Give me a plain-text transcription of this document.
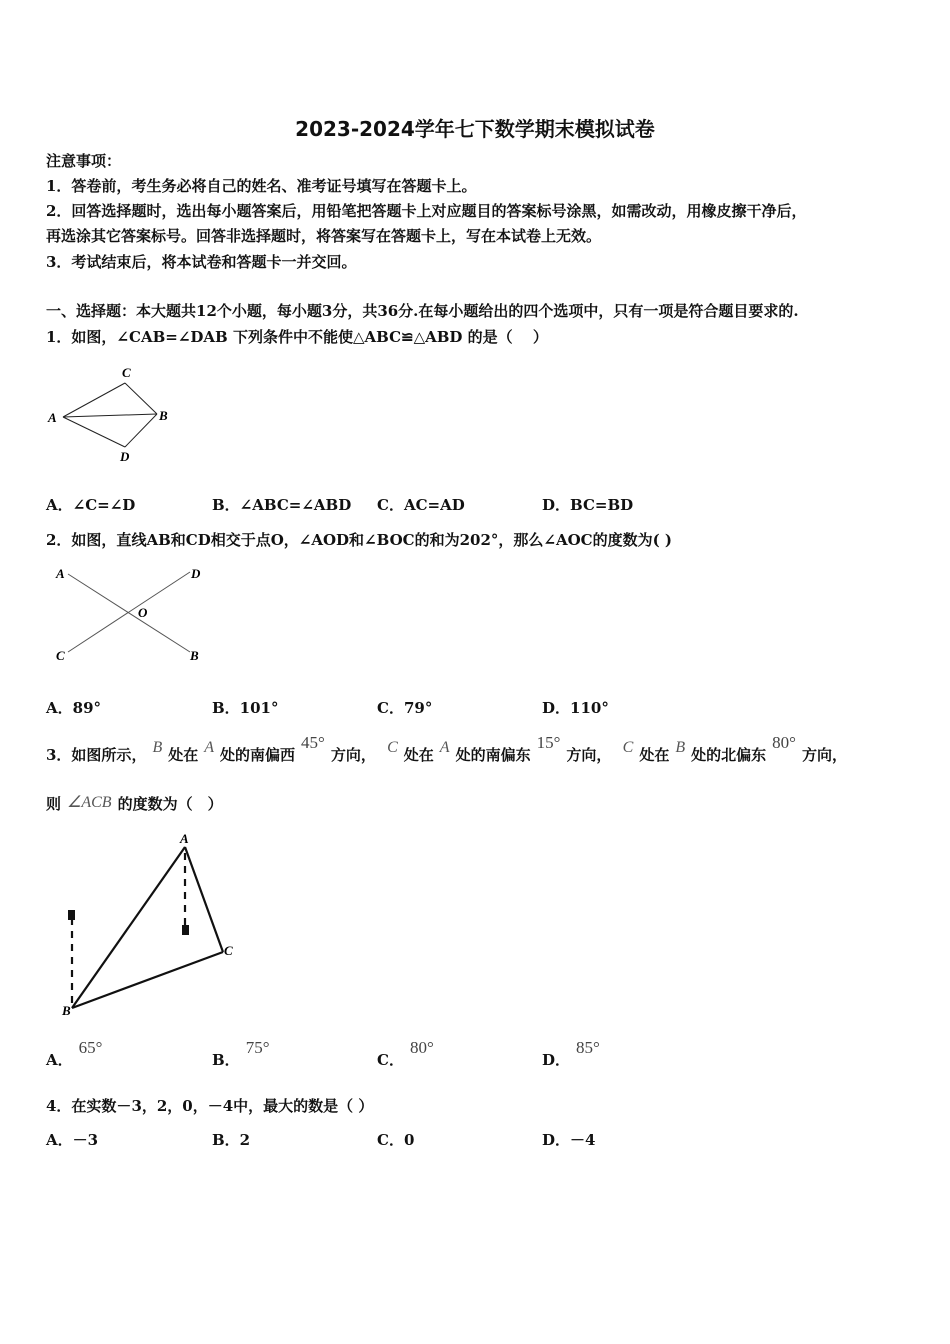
2023-2024学年七下数学期末模拟试卷
注意事项：
1．答卷前，考生务必将自己的姓名、准考证号填写在答题卡上。
2．回答选择题时，选出每小题答案后，用铅笔把答题卡上对应题目的答案标号涂黑，如需改动，用橡皮擦干净后，
再选涂其它答案标号。回答非选择题时，将答案写在答题卡上，写在本试卷上无效。
3．考试结束后，将本试卷和答题卡一并交回。
一、选择题：本大题共12个小题，每小题3分，共36分.在每小题给出的四个选项中，只有一项是符合题目要求的.
1．如图，∠CAB=∠DAB 下列条件中不能使△ABC≌△ABD 的是（　 ）
A	B
C
D
A．∠C=∠D	B．∠ABC=∠ABD C．AC=AD	D．BC=BD
2．如图，直线AB和CD相交于点O，∠AOD和∠BOC的和为202°，那么∠AOC的度数为( )
A	D
C	B
O
A．89°	B．101°	C．79°	D．110°
3．如图所示， B 处在 A 处的南偏西45°方向， C 处在 A 处的南偏东15°方向， C 处在 B 处的北偏东80°方向，
则 ∠ACB 的度数为（　）
A
B
C
A．65°
B．75°
C．80°
D．85°
4．在实数－3，2，0，－4中，最大的数是（ ）
A．－3	B．2	C．0	D．－4
